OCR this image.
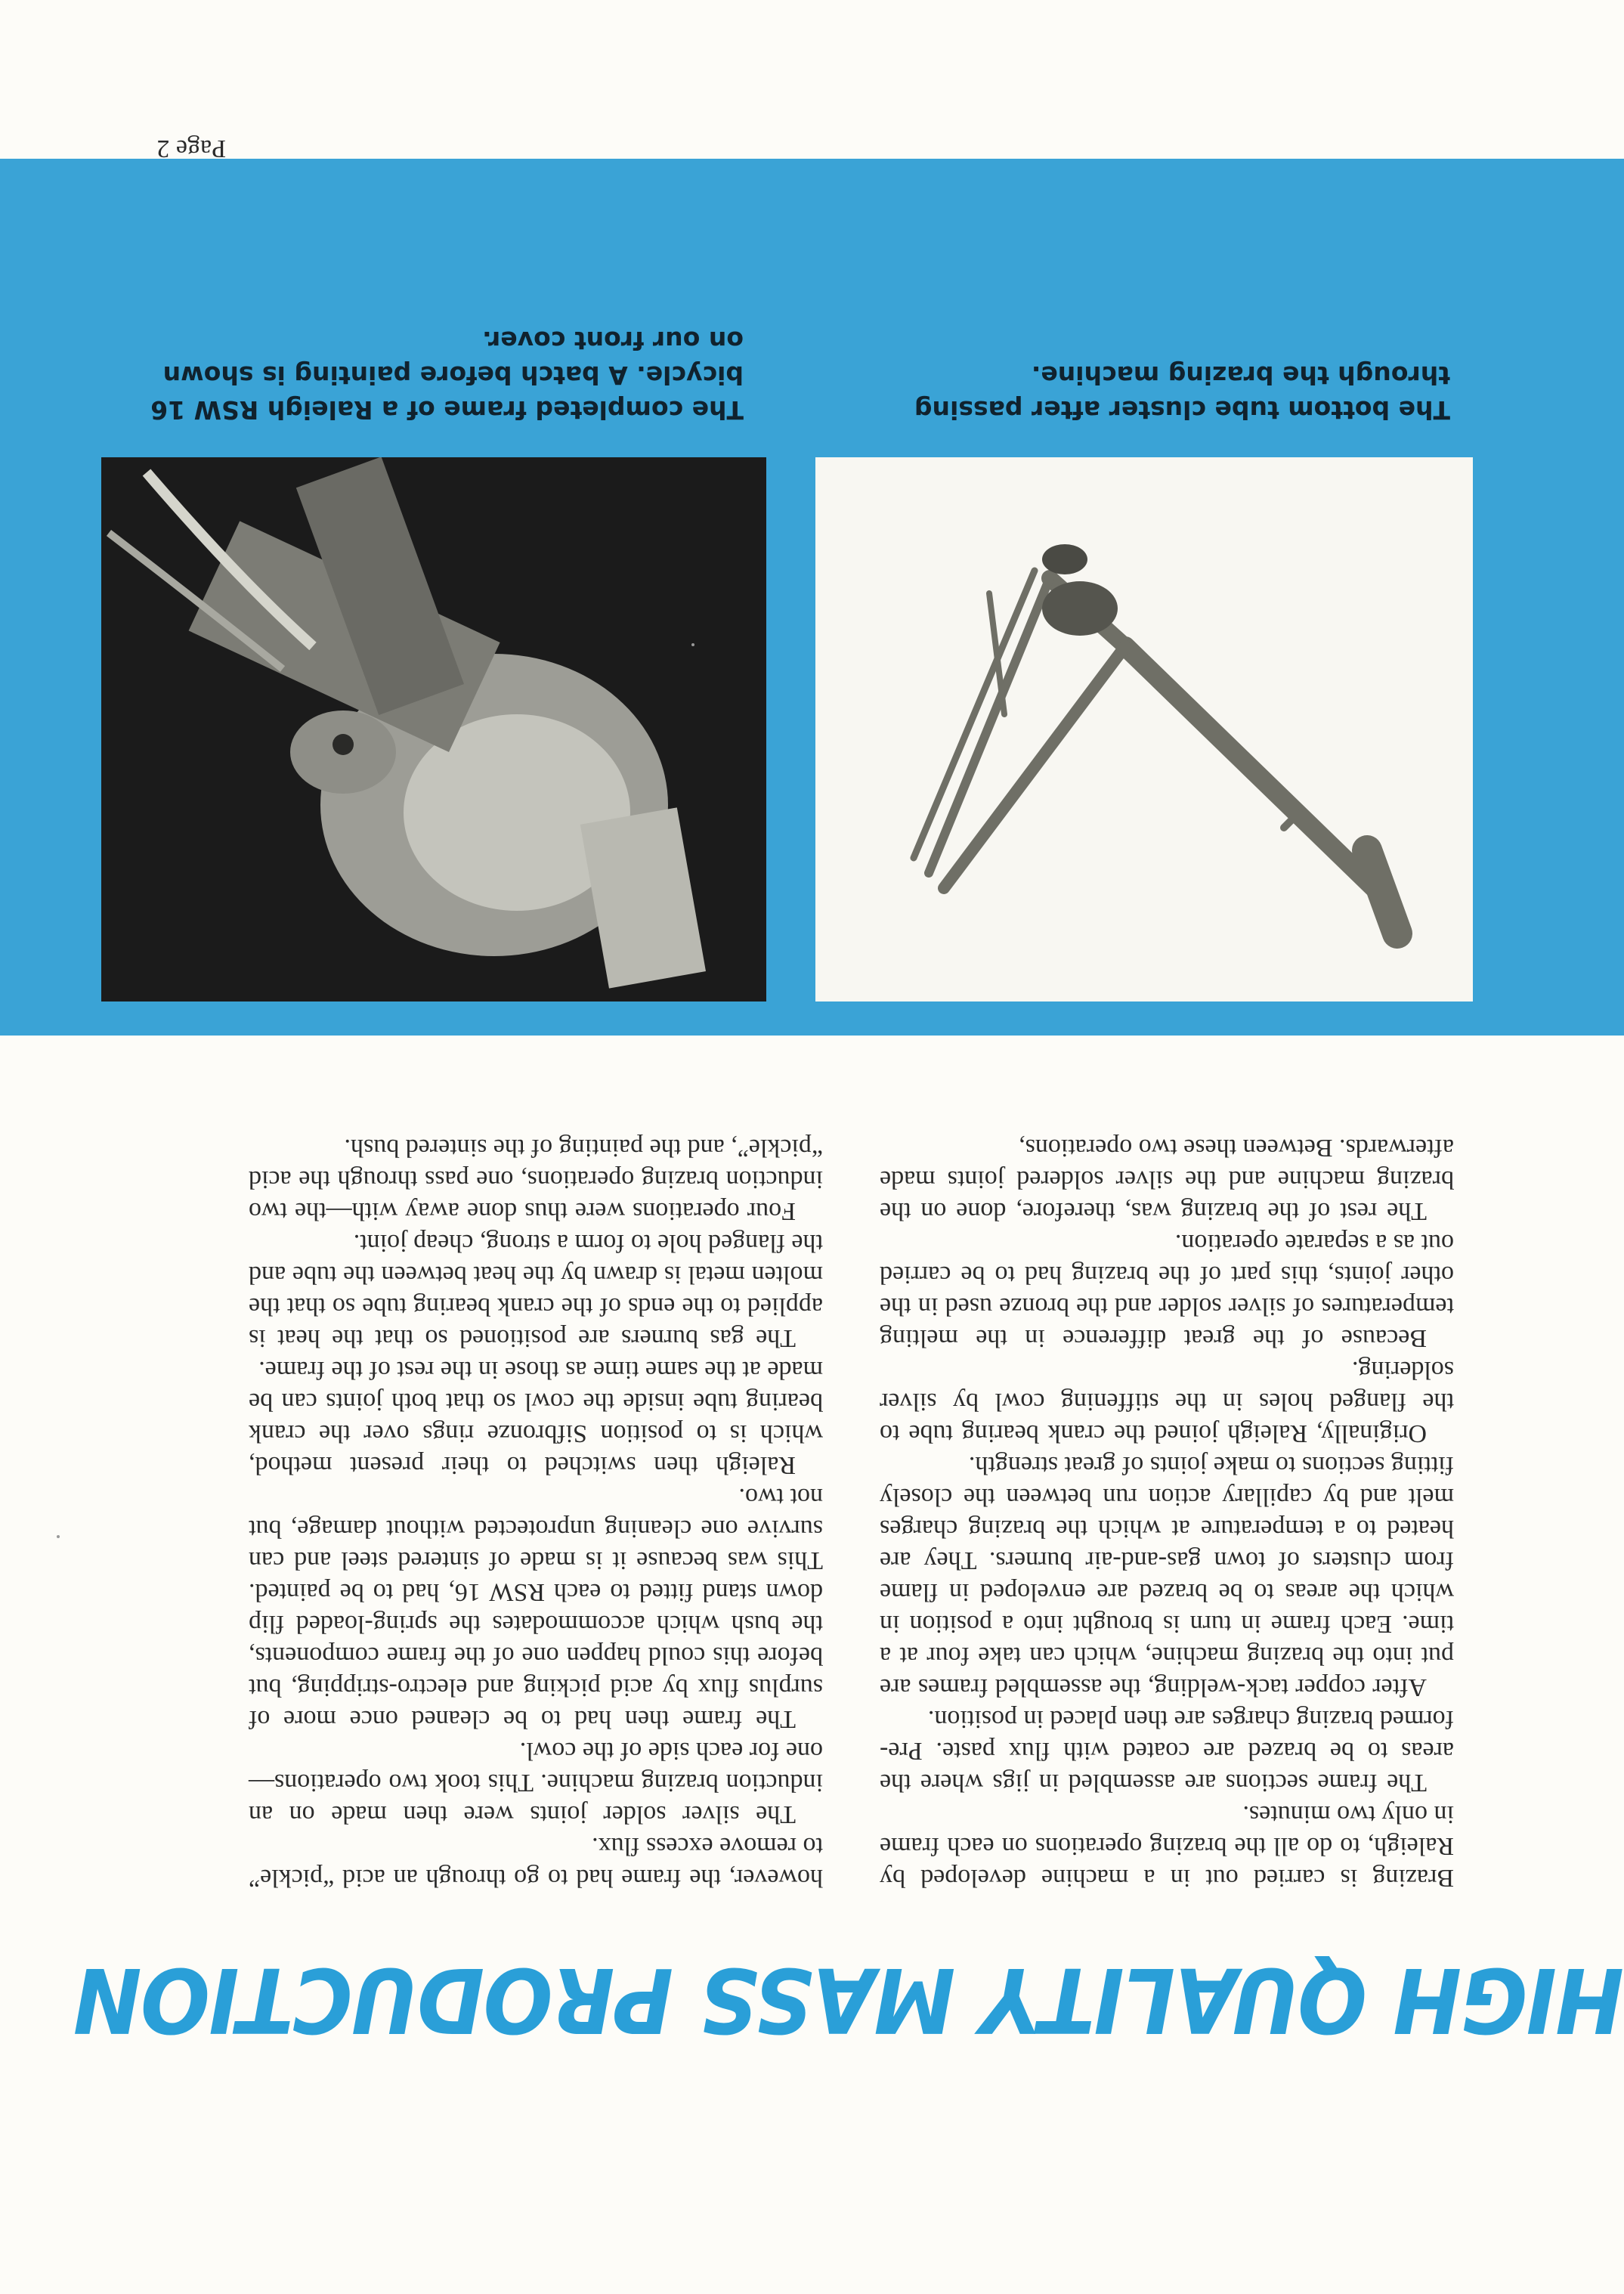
HIGH QUALITY MASS PRODUCTION

Brazing is carried out in a machine developed by Raleigh, to do all the brazing operations on each frame in only two minutes.

The frame sections are assembled in jigs where the areas to be brazed are coated with flux paste. Pre-formed brazing charges are then placed in position.

After copper tack-welding, the assembled frames are put into the brazing machine, which can take four at a time. Each frame in turn is brought into a position in which the areas to be brazed are enveloped in flame from clusters of town gas-and-air burners. They are heated to a temperature at which the brazing charges melt and by capillary action run between the closely fitting sections to make joints of great strength.

Originally, Raleigh joined the crank bearing tube to the flanged holes in the stiffening cowl by silver soldering.

Because of the great difference in the melting temperatures of silver solder and the bronze used in the other joints, this part of the brazing had to be carried out as a separate operation.

The rest of the brazing was, therefore, done on the brazing machine and the silver soldered joints made afterwards. Between these two operations,

however, the frame had to go through an acid “pickle” to remove excess flux.

The silver solder joints were then made on an induction brazing machine. This took two operations—one for each side of the cowl.

The frame then had to be cleaned once more of surplus flux by acid picking and electro-stripping, but before this could happen one of the frame components, the bush which accommodates the spring-loaded flip down stand fitted to each RSW 16, had to be painted. This was because it is made of sintered steel and can survive one cleaning unprotected without damage, but not two.

Raleigh then switched to their present method, which is to position Sifbronze rings over the crank bearing tube inside the cowl so that both joints can be made at the same time as those in the rest of the frame.

The gas burners are positioned so that the heat is applied to the ends of the crank bearing tube so that the molten metal is drawn by the heat between the tube and the flanged hole to form a strong, cheap joint.

Four operations were thus done away with—the two induction brazing operations, one pass through the acid “pickle”, and the painting of the sintered bush.

The bottom tube cluster after passing through the brazing machine.
The completed frame of a Raleigh RSW 16 bicycle. A batch before painting is shown on our front cover.
Page 2
